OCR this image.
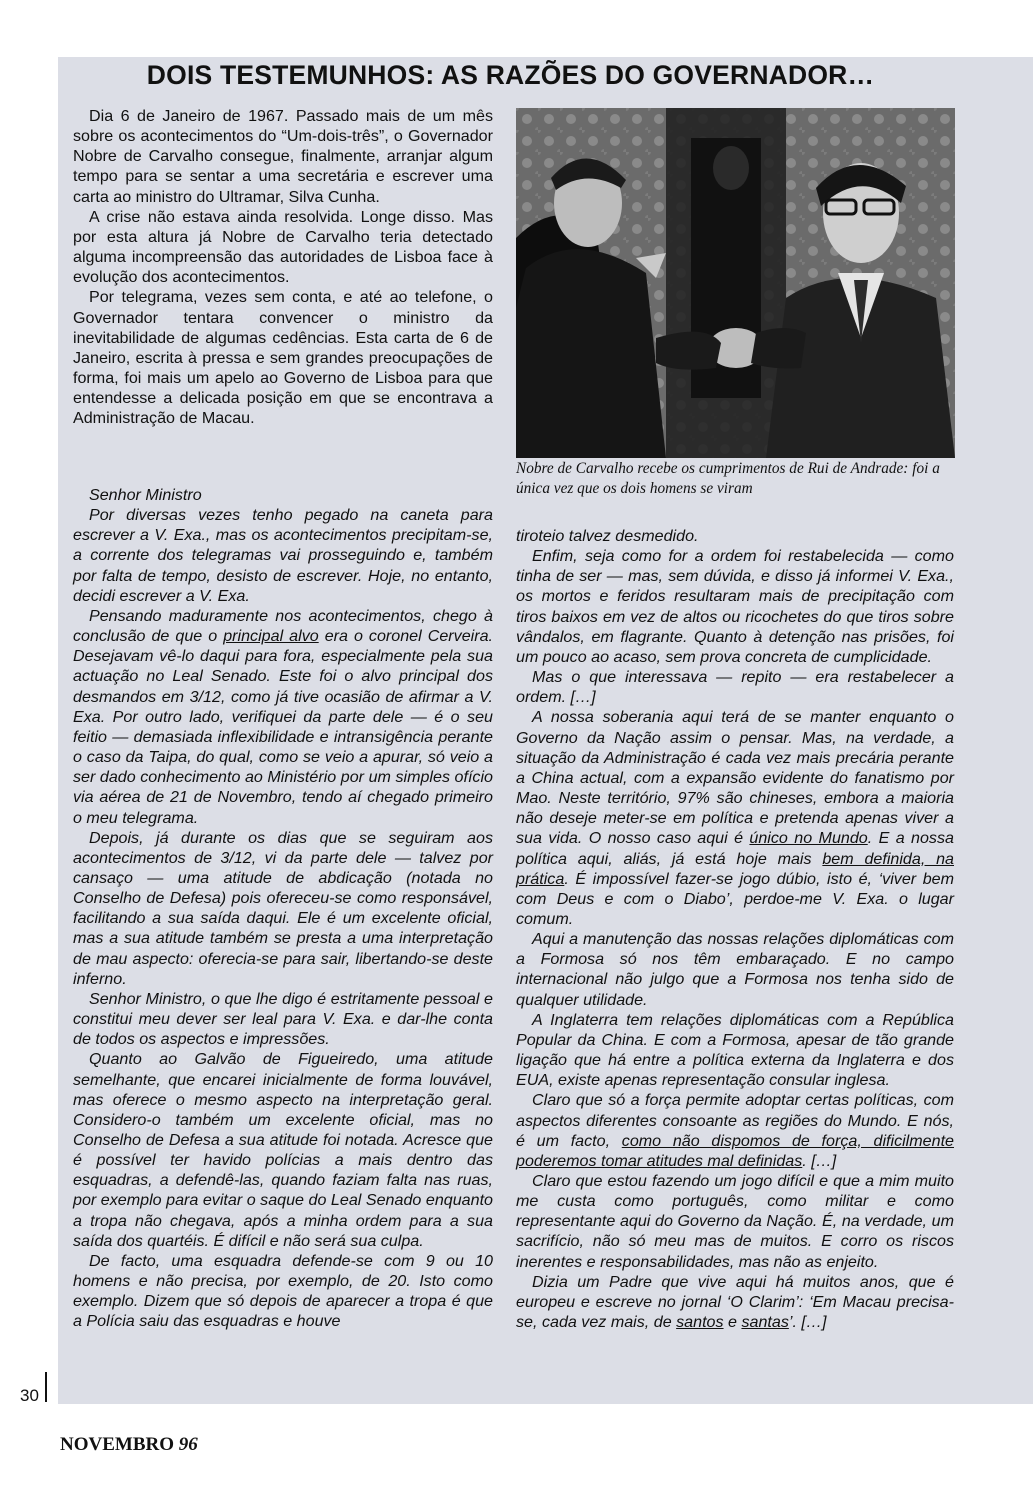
DOIS TESTEMUNHOS: AS RAZÕES DO GOVERNADOR…

Dia 6 de Janeiro de 1967. Passado mais de um mês sobre os acontecimentos do “Um-dois-três”, o Governador Nobre de Carvalho consegue, finalmente, arranjar algum tempo para se sentar a uma secretária e escrever uma carta ao ministro do Ultramar, Silva Cunha.

A crise não estava ainda resolvida. Longe disso. Mas por esta altura já Nobre de Carvalho teria detectado alguma incompreensão das autoridades de Lisboa face à evolução dos acontecimentos.

Por telegrama, vezes sem conta, e até ao telefone, o Governador tentara convencer o ministro da inevitabilidade de algumas cedências. Esta carta de 6 de Janeiro, escrita à pressa e sem grandes preocupações de forma, foi mais um apelo ao Governo de Lisboa para que entendesse a delicada posição em que se encontrava a Administração de Macau.

Senhor Ministro

Por diversas vezes tenho pegado na caneta para escrever a V. Exa., mas os acontecimentos precipitam-se, a corrente dos telegramas vai prosseguindo e, também por falta de tempo, desisto de escrever. Hoje, no entanto, decidi escrever a V. Exa.

Pensando maduramente nos acontecimentos, chego à conclusão de que o principal alvo era o coronel Cerveira. Desejavam vê-lo daqui para fora, especialmente pela sua actuação no Leal Senado. Este foi o alvo principal dos desmandos em 3/12, como já tive ocasião de afirmar a V. Exa. Por outro lado, verifiquei da parte dele — é o seu feitio — demasiada inflexibilidade e intransigência perante o caso da Taipa, do qual, como se veio a apurar, só veio a ser dado conhecimento ao Ministério por um simples ofício via aérea de 21 de Novembro, tendo aí chegado primeiro o meu telegrama.

Depois, já durante os dias que se seguiram aos acontecimentos de 3/12, vi da parte dele — talvez por cansaço — uma atitude de abdicação (notada no Conselho de Defesa) pois ofereceu-se como responsável, facilitando a sua saída daqui. Ele é um excelente oficial, mas a sua atitude também se presta a uma interpretação de mau aspecto: oferecia-se para sair, libertando-se deste inferno.

Senhor Ministro, o que lhe digo é estritamente pessoal e constitui meu dever ser leal para V. Exa. e dar-lhe conta de todos os aspectos e impressões.

Quanto ao Galvão de Figueiredo, uma atitude semelhante, que encarei inicialmente de forma louvável, mas oferece o mesmo aspecto na interpretação geral. Considero-o também um excelente oficial, mas no Conselho de Defesa a sua atitude foi notada. Acresce que é possível ter havido polícias a mais dentro das esquadras, a defendê-las, quando faziam falta nas ruas, por exemplo para evitar o saque do Leal Senado enquanto a tropa não chegava, após a minha ordem para a sua saída dos quartéis. É difícil e não será sua culpa.

De facto, uma esquadra defende-se com 9 ou 10 homens e não precisa, por exemplo, de 20. Isto como exemplo. Dizem que só depois de aparecer a tropa é que a Polícia saiu das esquadras e houve

Nobre de Carvalho recebe os cumprimentos de Rui de Andrade: foi a única vez que os dois homens se viram

tiroteio talvez desmedido.

Enfim, seja como for a ordem foi restabelecida — como tinha de ser — mas, sem dúvida, e disso já informei V. Exa., os mortos e feridos resultaram mais de precipitação com tiros baixos em vez de altos ou ricochetes do que tiros sobre vândalos, em flagrante. Quanto à detenção nas prisões, foi um pouco ao acaso, sem prova concreta de cumplicidade.

Mas o que interessava — repito — era restabelecer a ordem. […]

A nossa soberania aqui terá de se manter enquanto o Governo da Nação assim o pensar. Mas, na verdade, a situação da Administração é cada vez mais precária perante a China actual, com a expansão evidente do fanatismo por Mao. Neste território, 97% são chineses, embora a maioria não deseje meter-se em política e pretenda apenas viver a sua vida. O nosso caso aqui é único no Mundo. E a nossa política aqui, aliás, já está hoje mais bem definida, na prática. É impossível fazer-se jogo dúbio, isto é, ‘viver bem com Deus e com o Diabo’, perdoe-me V. Exa. o lugar comum.

Aqui a manutenção das nossas relações diplomáticas com a Formosa só nos têm embaraçado. E no campo internacional não julgo que a Formosa nos tenha sido de qualquer utilidade.

A Inglaterra tem relações diplomáticas com a República Popular da China. E com a Formosa, apesar de tão grande ligação que há entre a política externa da Inglaterra e dos EUA, existe apenas representação consular inglesa.

Claro que só a força permite adoptar certas políticas, com aspectos diferentes consoante as regiões do Mundo. E nós, é um facto, como não dispomos de força, dificilmente poderemos tomar atitudes mal definidas. […]

Claro que estou fazendo um jogo difícil e que a mim muito me custa como português, como militar e como representante aqui do Governo da Nação. É, na verdade, um sacrifício, não só meu mas de muitos. E corro os riscos inerentes e responsabilidades, mas não as enjeito.

Dizia um Padre que vive aqui há muitos anos, que é europeu e escreve no jornal ‘O Clarim’: ‘Em Macau precisa-se, cada vez mais, de santos e santas’. […]

30
NOVEMBRO 96
